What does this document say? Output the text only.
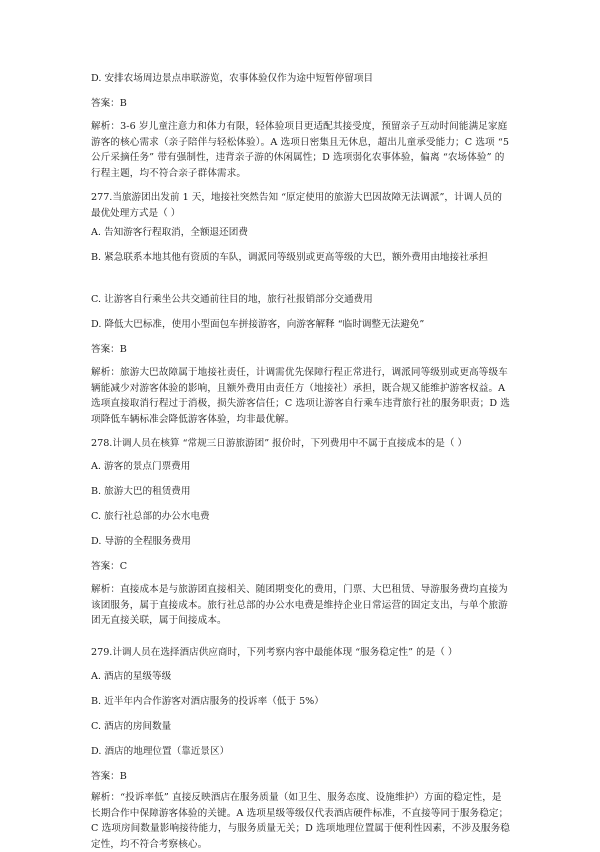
D. 安排农场周边景点串联游览，农事体验仅作为途中短暂停留项目
答案：B
解析：3-6 岁儿童注意力和体力有限，轻体验项目更适配其接受度，预留亲子互动时间能满足家庭游客的核心需求（亲子陪伴与轻松体验）。A 选项日密集且无休息，超出儿童承受能力；C 选项 “5 公斤采摘任务” 带有强制性，违背亲子游的休闲属性；D 选项弱化农事体验，偏离 “农场体验” 的行程主题，均不符合亲子群体需求。
277.当旅游团出发前 1 天，地接社突然告知 “原定使用的旅游大巴因故障无法调派”，计调人员的最优处理方式是（ ）
A. 告知游客行程取消，全额退还团费
B. 紧急联系本地其他有资质的车队，调派同等级别或更高等级的大巴，额外费用由地接社承担
C. 让游客自行乘坐公共交通前往目的地，旅行社报销部分交通费用
D. 降低大巴标准，使用小型面包车拼接游客，向游客解释 “临时调整无法避免”
答案：B
解析：旅游大巴故障属于地接社责任，计调需优先保障行程正常进行，调派同等级别或更高等级车辆能减少对游客体验的影响，且额外费用由责任方（地接社）承担，既合规又能维护游客权益。A 选项直接取消行程过于消极，损失游客信任；C 选项让游客自行乘车违背旅行社的服务职责；D 选项降低车辆标准会降低游客体验，均非最优解。
278.计调人员在核算 “常规三日游旅游团” 报价时，下列费用中不属于直接成本的是（ ）
A. 游客的景点门票费用
B. 旅游大巴的租赁费用
C. 旅行社总部的办公水电费
D. 导游的全程服务费用
答案：C
解析：直接成本是与旅游团直接相关、随团期变化的费用，门票、大巴租赁、导游服务费均直接为该团服务，属于直接成本。旅行社总部的办公水电费是维持企业日常运营的固定支出，与单个旅游团无直接关联，属于间接成本。
279.计调人员在选择酒店供应商时，下列考察内容中最能体现 “服务稳定性” 的是（ ）
A. 酒店的星级等级
B. 近半年内合作游客对酒店服务的投诉率（低于 5%）
C. 酒店的房间数量
D. 酒店的地理位置（靠近景区）
答案：B
解析：“投诉率低” 直接反映酒店在服务质量（如卫生、服务态度、设施维护）方面的稳定性，是长期合作中保障游客体验的关键。A 选项星级等级仅代表酒店硬件标准，不直接等同于服务稳定；C 选项房间数量影响接待能力，与服务质量无关；D 选项地理位置属于便利性因素，不涉及服务稳定性，均不符合考察核心。
